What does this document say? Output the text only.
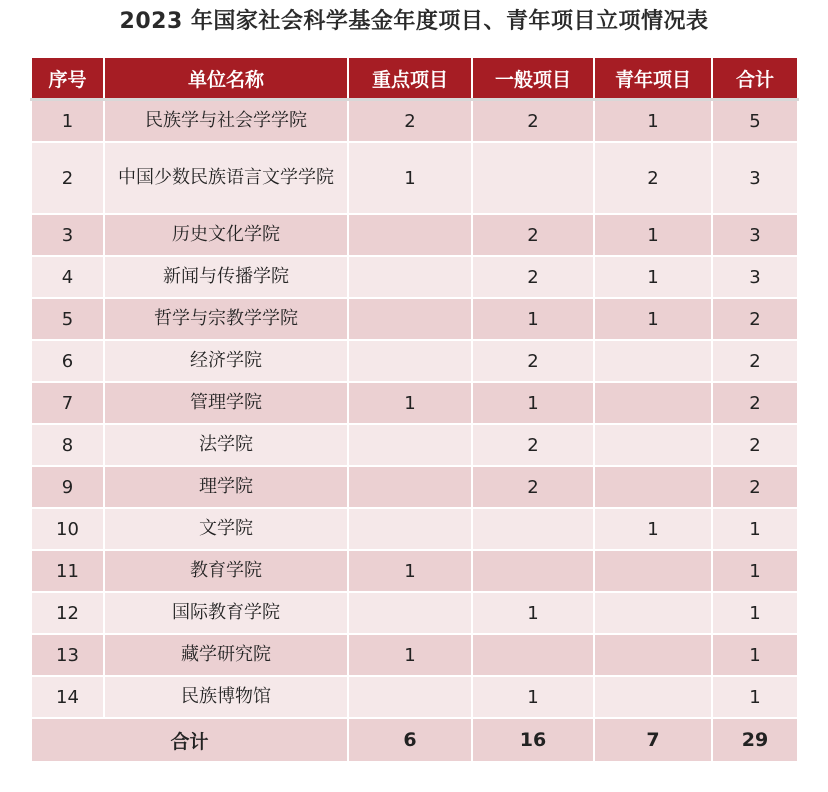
2023 年国家社会科学基金年度项目、青年项目立项情况表
序号	单位名称	重点项目	一般项目	青年项目	合计
1	民族学与社会学学院	2	2	1	5
2	中国少数民族语言文学学院	1		2	3
3	历史文化学院		2	1	3
4	新闻与传播学院		2	1	3
5	哲学与宗教学学院		1	1	2
6	经济学院		2		2
7	管理学院	1	1		2
8	法学院		2		2
9	理学院		2		2
10	文学院			1	1
11	教育学院	1			1
12	国际教育学院		1		1
13	藏学研究院	1			1
14	民族博物馆		1		1
合计		6	16	7	29
